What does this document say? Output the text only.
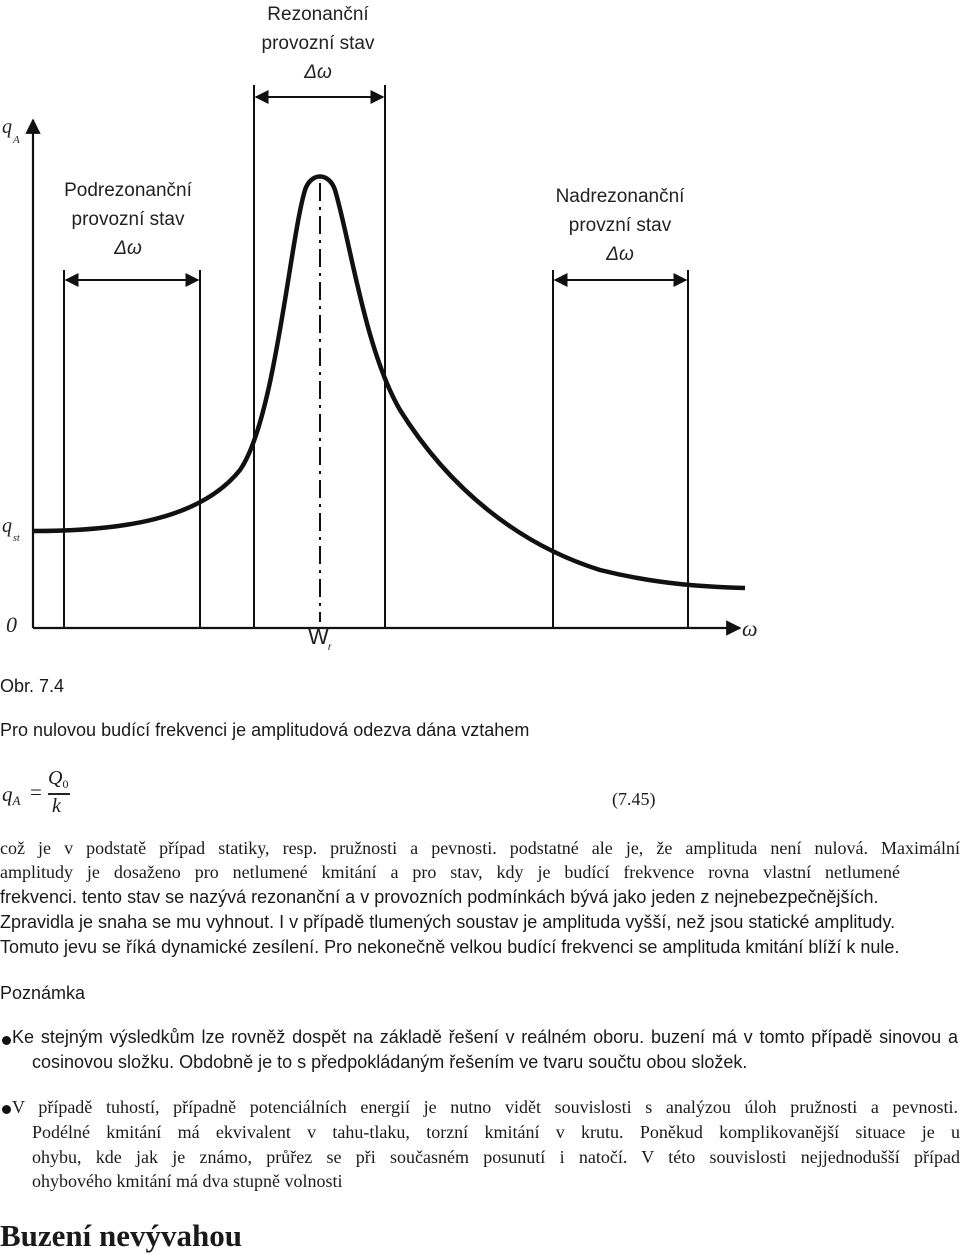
Rezonanční
provozní stav
Δω
Podrezonanční
provozní stav
Δω
Nadrezonanční
provzní stav
Δω
q
A
q
st
0	ω
W r
Obr. 7.4
Pro nulovou budící frekvenci je amplitudová odezva dána vztahem
qA =
$Q_0$
k	(7.45)
což je v podstatě případ statiky, resp. pružnosti a pevnosti. podstatné ale je, že amplituda není nulová. Maximální
amplitudy je dosaženo pro netlumené kmitání a pro stav, kdy je budící frekvence rovna vlastní netlumené
frekvenci. tento stav se nazývá rezonanční a v provozních podmínkách bývá jako jeden z nejnebezpečnějších.
Zpravidla je snaha se mu vyhnout. I v případě tlumených soustav je amplituda vyšší, než jsou statické amplitudy.
Tomuto jevu se říká dynamické zesílení. Pro nekonečně velkou budící frekvenci se amplituda kmitání blíží k nule.
Poznámka
Ke stejným výsledkům lze rovněž dospět na základě řešení v reálném oboru. buzení má v tomto případě sinovou a
cosinovou složku. Obdobně je to s předpokládaným řešením ve tvaru součtu obou složek.
V případě tuhostí, případně potenciálních energií je nutno vidět souvislosti s analýzou úloh pružnosti a pevnosti.
Podélné kmitání má ekvivalent v tahu-tlaku, torzní kmitání v krutu. Poněkud komplikovanější situace je u
ohybu, kde jak je známo, průřez se při současném posunutí i natočí. V této souvislosti nejjednodušší případ
ohybového kmitání má dva stupně volnosti
Buzení nevývahou
